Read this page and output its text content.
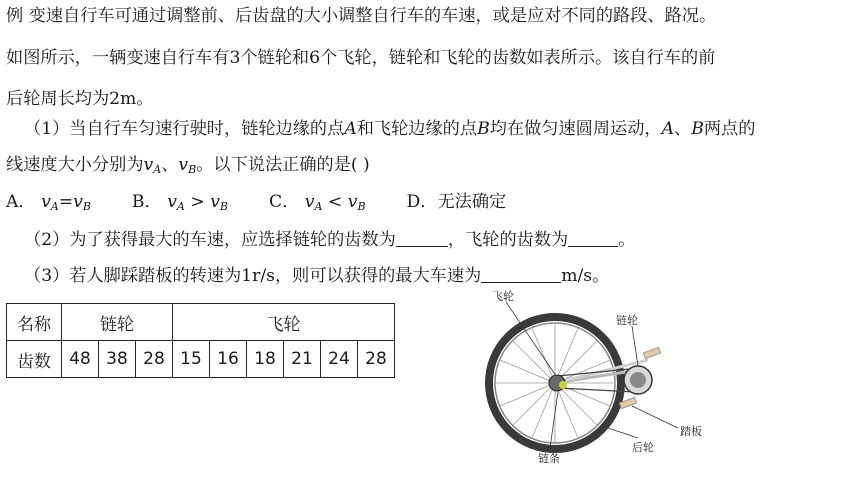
例 变速自行车可通过调整前、后齿盘的大小调整自行车的车速，或是应对不同的路段、路况。
如图所示，一辆变速自行车有3个链轮和6个飞轮，链轮和飞轮的齿数如表所示。该自行车的前
后轮周长均为2m。
（1）当自行车匀速行驶时，链轮边缘的点A和飞轮边缘的点B均在做匀速圆周运动，A、B两点的
线速度大小分别为$v_A$、$v_B$。以下说法正确的是( )
A． $v_A=v_B$ B． $v_A > v_B$ C． $v_A < v_B$ D．无法确定
（2）为了获得最大的车速，应选择链轮的齿数为	，飞轮的齿数为	。
（3）若人脚踩踏板的转速为1r/s，则可以获得的最大车速为	m/s。
名称	链轮			飞轮					
齿数	48	38	28	15	16	18	21	24	28
飞轮
链轮
踏板
后轮
链条
